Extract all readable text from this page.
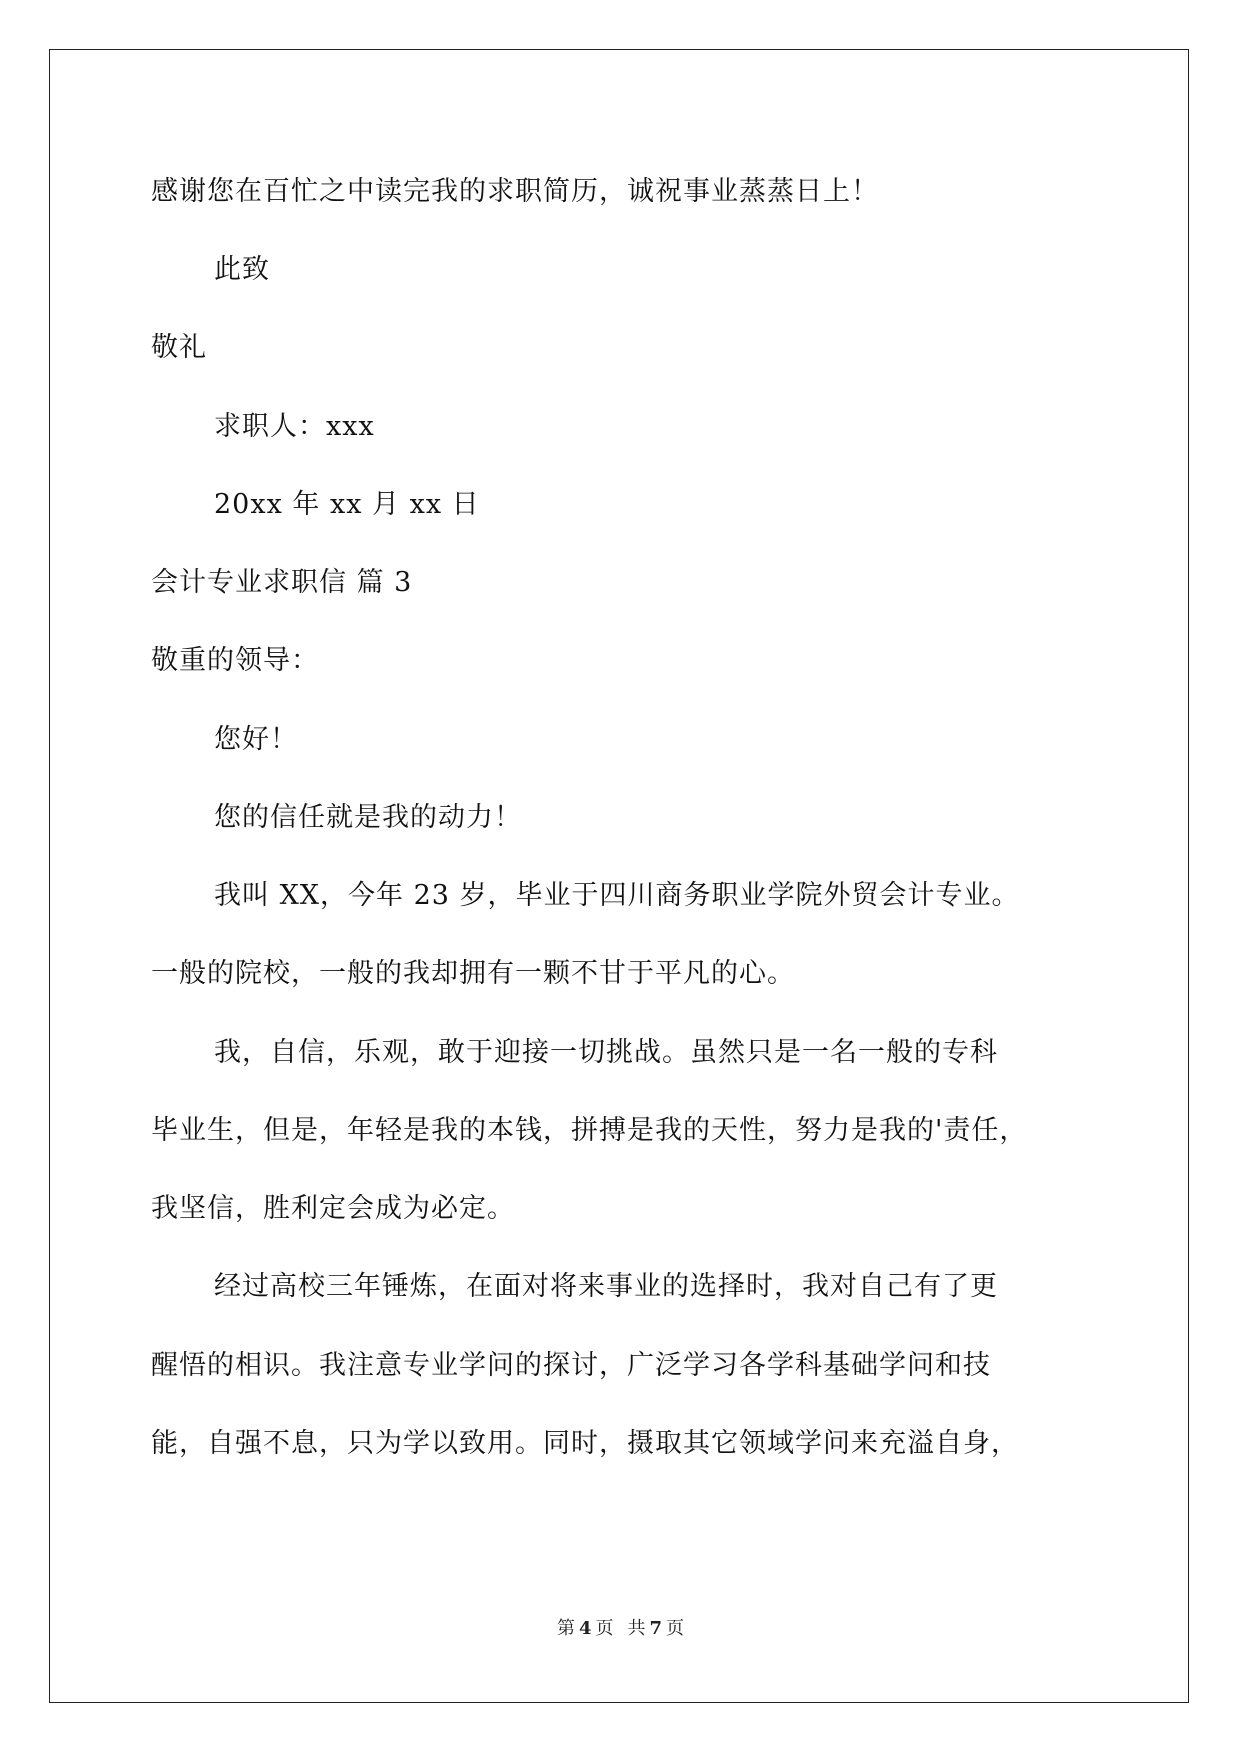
感谢您在百忙之中读完我的求职简历，诚祝事业蒸蒸日上！
此致
敬礼
求职人：xxx
20xx 年 xx 月 xx 日
会计专业求职信 篇 3
敬重的领导：
您好！
您的信任就是我的动力！
我叫 XX，今年 23 岁，毕业于四川商务职业学院外贸会计专业。
一般的院校，一般的我却拥有一颗不甘于平凡的心。
我，自信，乐观，敢于迎接一切挑战。虽然只是一名一般的专科
毕业生，但是，年轻是我的本钱，拼搏是我的天性，努力是我的'责任，
我坚信，胜利定会成为必定。
经过高校三年锤炼，在面对将来事业的选择时，我对自己有了更
醒悟的相识。我注意专业学问的探讨，广泛学习各学科基础学问和技
能，自强不息，只为学以致用。同时，摄取其它领域学问来充溢自身，
第 4 页 共 7 页
